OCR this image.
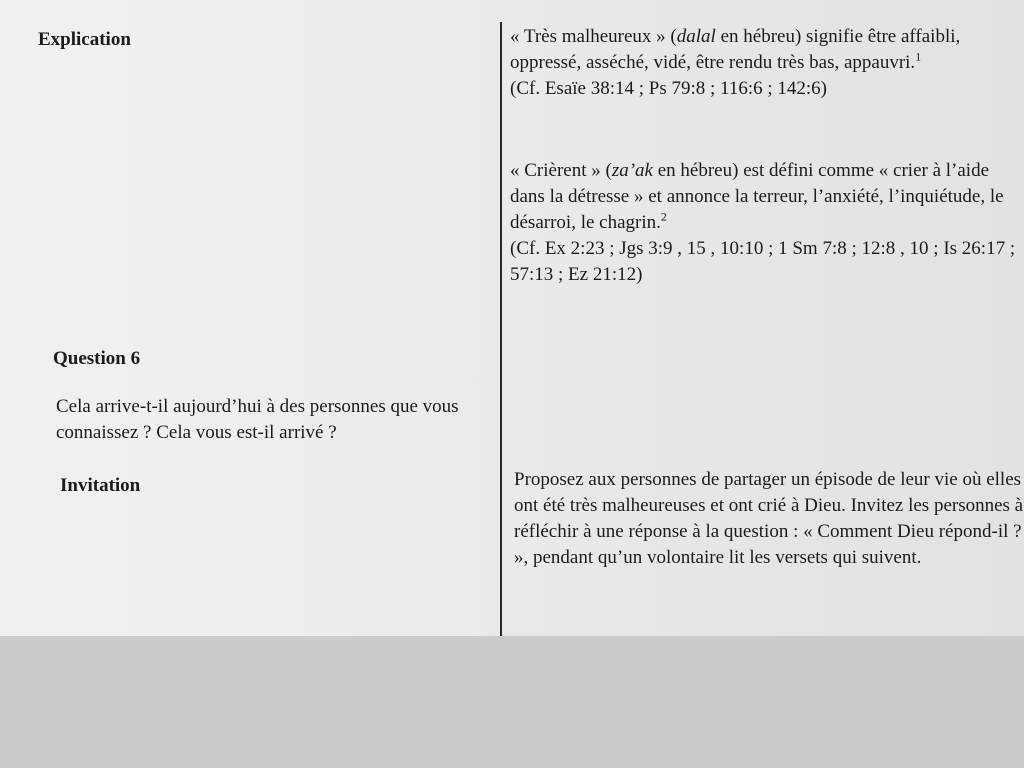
Explication
Question 6
Invitation
Cela arrive-t-il aujourd’hui à des personnes que vous connaissez ? Cela vous est-il arrivé ?

« Très malheureux » (dalal en hébreu) signifie être affaibli, oppressé, asséché, vidé, être rendu très bas, appauvri.$^1$

(Cf. Esaïe 38:14 ; Ps 79:8 ; 116:6 ; 142:6)

« Crièrent » (za’ak en hébreu) est défini comme « crier à l’aide dans la détresse » et annonce la terreur, l’anxiété, l’inquiétude, le désarroi, le chagrin.$^2$

(Cf. Ex 2:23 ; Jgs 3:9 , 15 , 10:10 ; 1 Sm 7:8 ; 12:8 , 10 ; Is 26:17 ; 57:13 ; Ez 21:12)

Proposez aux personnes de partager un épisode de leur vie où elles ont été très malheureuses et ont crié à Dieu. Invitez les personnes à réfléchir à une réponse à la question : « Comment Dieu répond-il ? », pendant qu’un volontaire lit les versets qui suivent.
